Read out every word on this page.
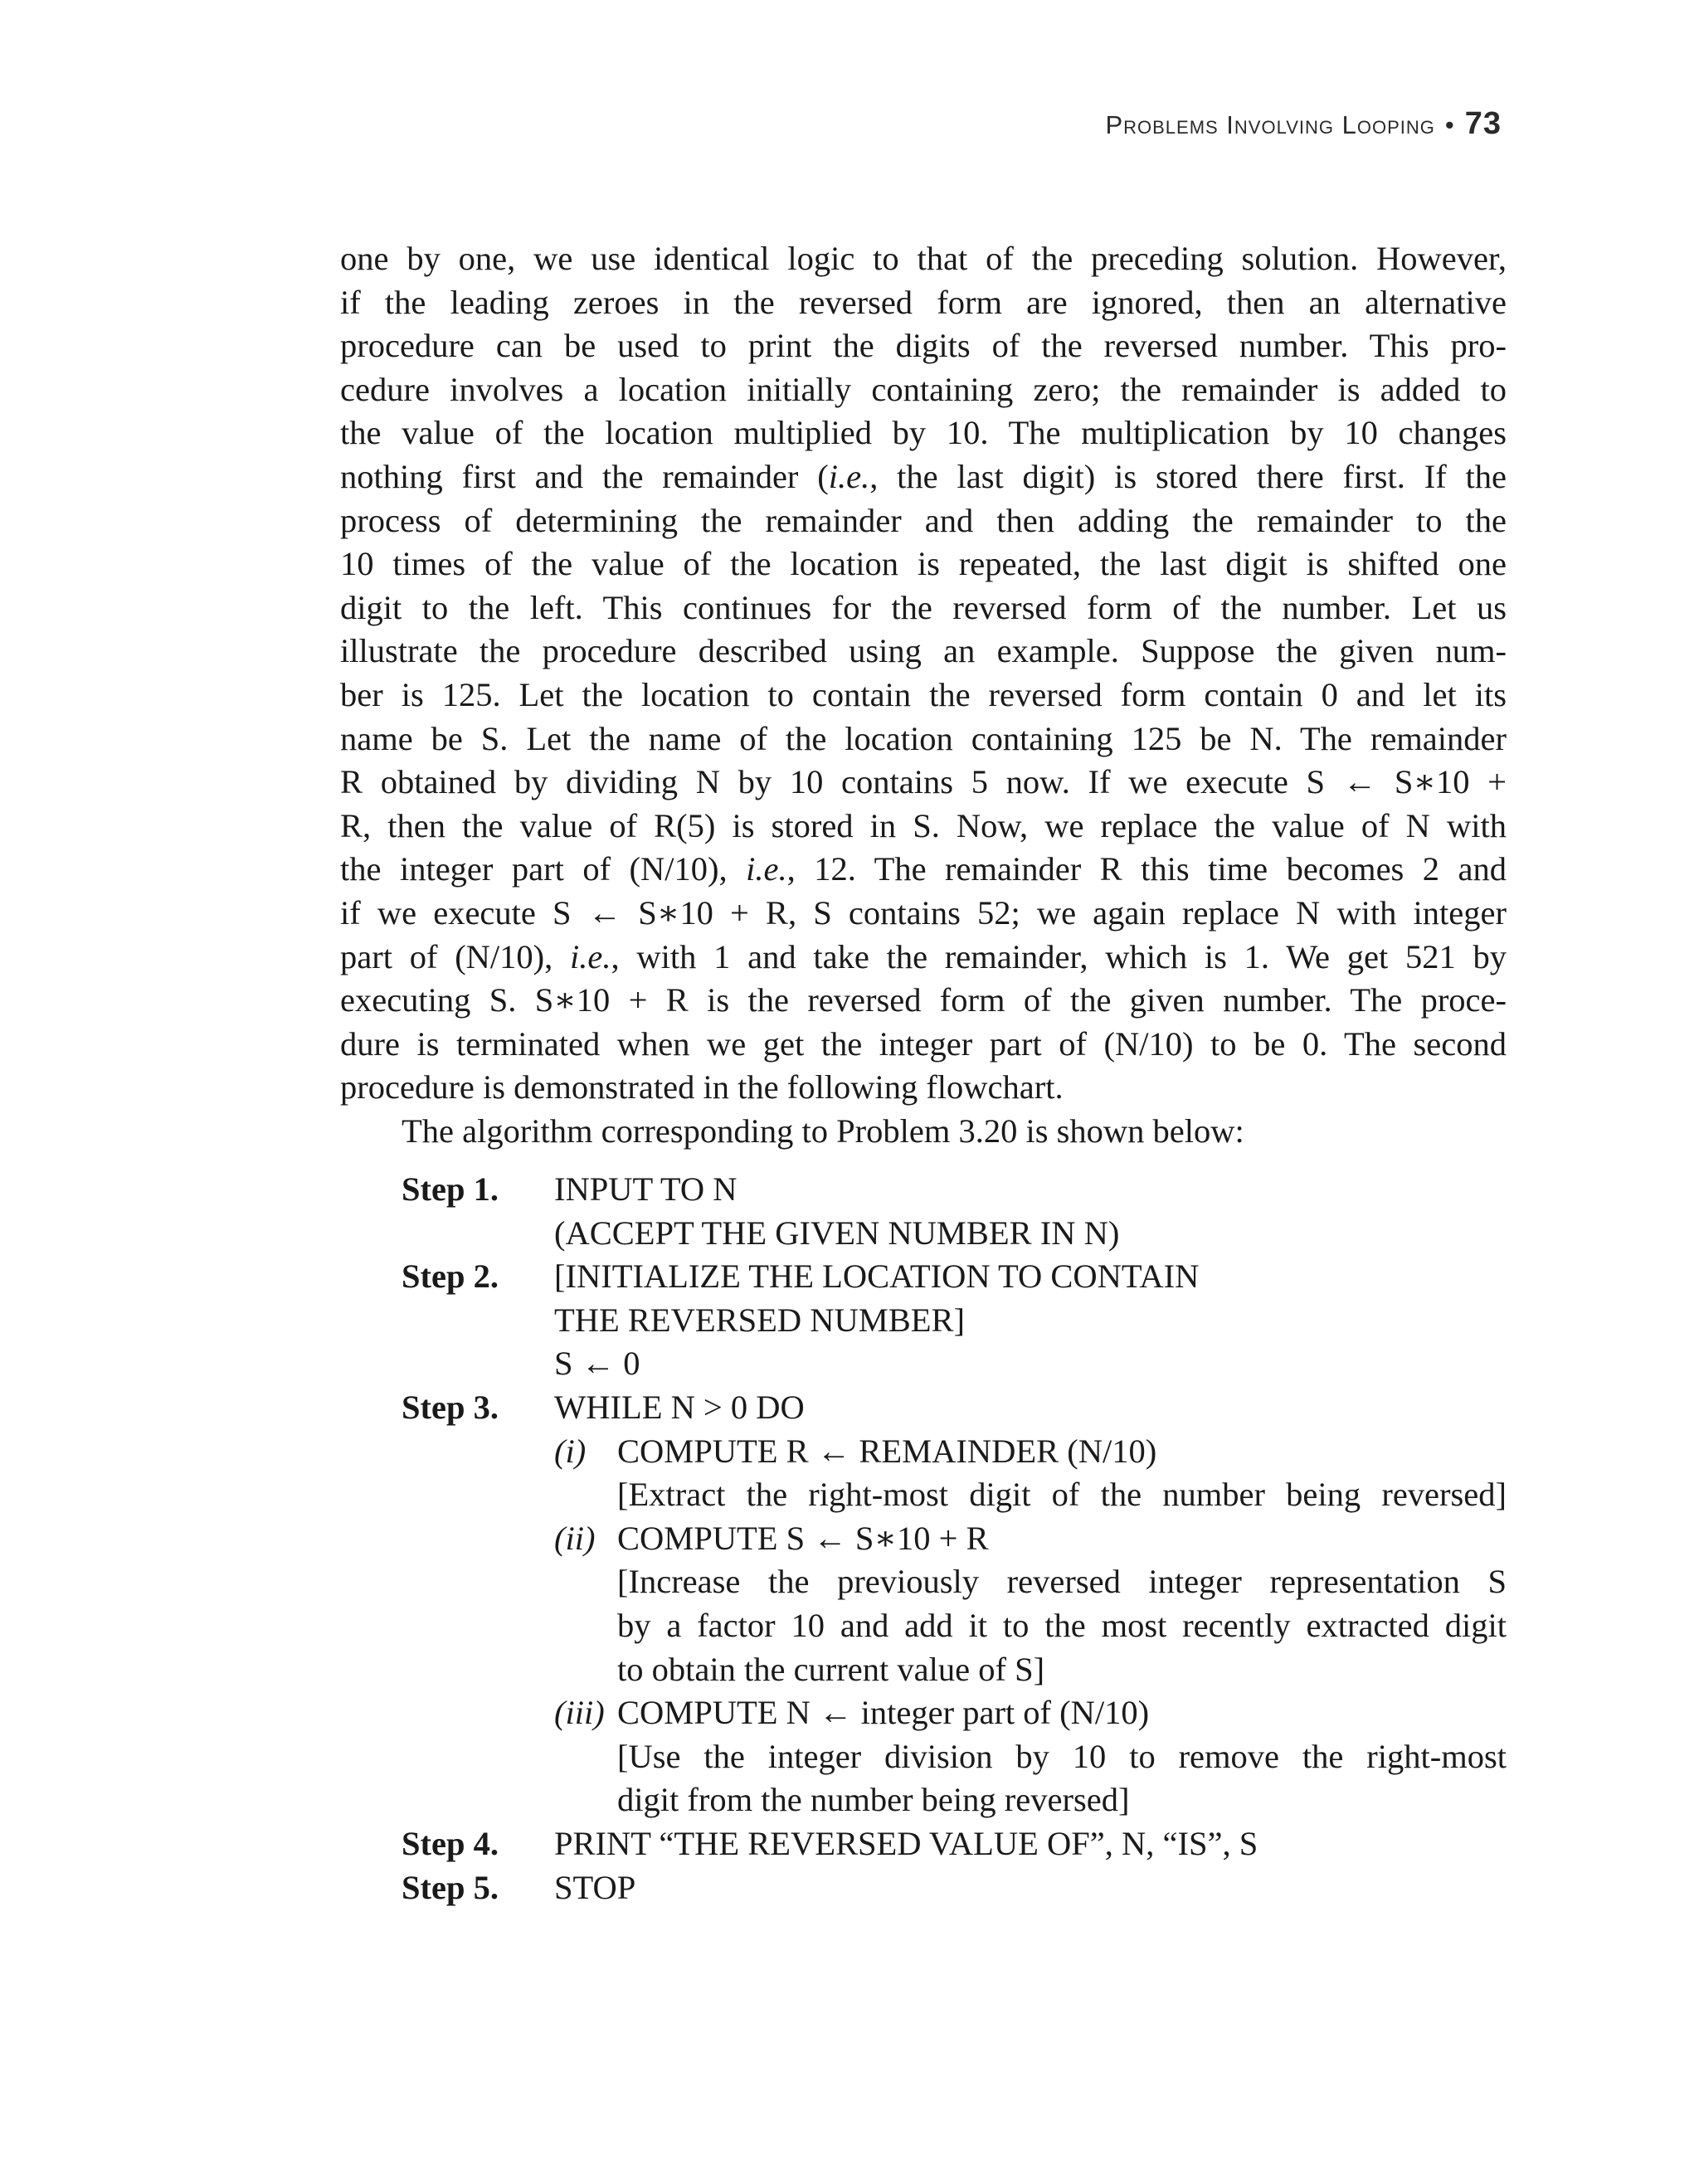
Problems Involving Looping • 73

one by one, we use identical logic to that of the preceding solution. However,
if the leading zeroes in the reversed form are ignored, then an alternative
procedure can be used to print the digits of the reversed number. This pro-
cedure involves a location initially containing zero; the remainder is added to
the value of the location multiplied by 10. The multiplication by 10 changes
nothing first and the remainder (i.e., the last digit) is stored there first. If the
process of determining the remainder and then adding the remainder to the
10 times of the value of the location is repeated, the last digit is shifted one
digit to the left. This continues for the reversed form of the number. Let us
illustrate the procedure described using an example. Suppose the given num-
ber is 125. Let the location to contain the reversed form contain 0 and let its
name be S. Let the name of the location containing 125 be N. The remainder
R obtained by dividing N by 10 contains 5 now. If we execute S ← S∗10 +
R, then the value of R(5) is stored in S. Now, we replace the value of N with
the integer part of (N/10), i.e., 12. The remainder R this time becomes 2 and
if we execute S ← S∗10 + R, S contains 52; we again replace N with integer
part of (N/10), i.e., with 1 and take the remainder, which is 1. We get 521 by
executing S. S∗10 + R is the reversed form of the given number. The proce-
dure is terminated when we get the integer part of (N/10) to be 0. The second
procedure is demonstrated in the following flowchart.

The algorithm corresponding to Problem 3.20 is shown below:

Step 1. INPUT TO N
(ACCEPT THE GIVEN NUMBER IN N)
Step 2. [INITIALIZE THE LOCATION TO CONTAIN
THE REVERSED NUMBER]
S ← 0
Step 3. WHILE N > 0 DO
(i) COMPUTE R ← REMAINDER (N/10)
[Extract the right-most digit of the number being reversed]
(ii) COMPUTE S ← S∗10 + R
[Increase the previously reversed integer representation S
by a factor 10 and add it to the most recently extracted digit
to obtain the current value of S]
(iii) COMPUTE N ← integer part of (N/10)
[Use the integer division by 10 to remove the right-most
digit from the number being reversed]
Step 4. PRINT “THE REVERSED VALUE OF”, N, “IS”, S
Step 5. STOP
